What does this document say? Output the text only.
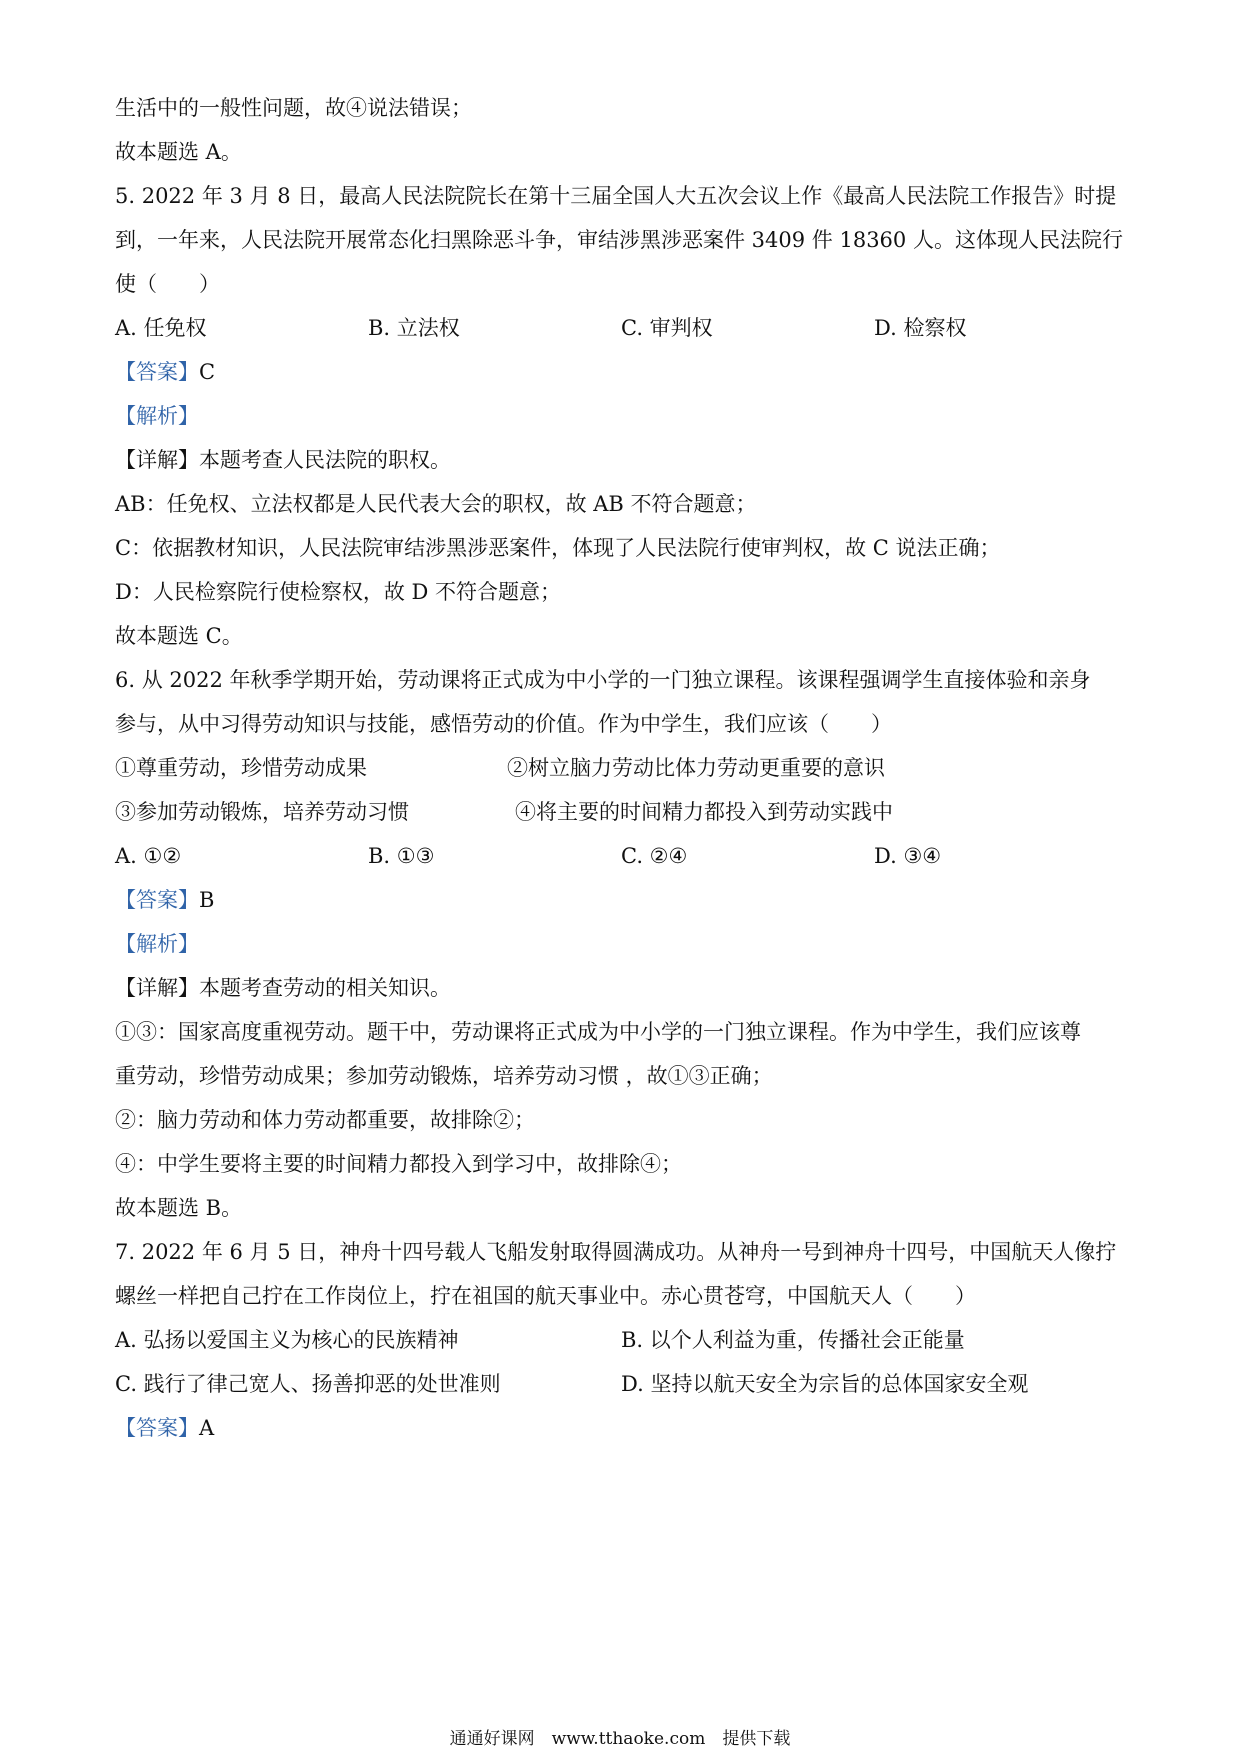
生活中的一般性问题，故④说法错误；
故本题选 A。
5. 2022 年 3 月 8 日，最高人民法院院长在第十三届全国人大五次会议上作《最高人民法院工作报告》时提
到，一年来，人民法院开展常态化扫黑除恶斗争，审结涉黑涉恶案件 3409 件 18360 人。这体现人民法院行
使（　　）
A. 任免权	B. 立法权	C. 审判权	D. 检察权
【答案】C
【解析】
【详解】本题考查人民法院的职权。
AB：任免权、立法权都是人民代表大会的职权，故 AB 不符合题意；
C：依据教材知识，人民法院审结涉黑涉恶案件，体现了人民法院行使审判权，故 C 说法正确；
D：人民检察院行使检察权，故 D 不符合题意；
故本题选 C。
6. 从 2022 年秋季学期开始，劳动课将正式成为中小学的一门独立课程。该课程强调学生直接体验和亲身
参与，从中习得劳动知识与技能，感悟劳动的价值。作为中学生，我们应该（　　）
①尊重劳动，珍惜劳动成果	②树立脑力劳动比体力劳动更重要的意识
③参加劳动锻炼，培养劳动习惯	④将主要的时间精力都投入到劳动实践中
A. ①②	B. ①③	C. ②④	D. ③④
【答案】B
【解析】
【详解】本题考查劳动的相关知识。
①③：国家高度重视劳动。题干中，劳动课将正式成为中小学的一门独立课程。作为中学生，我们应该尊
重劳动，珍惜劳动成果；参加劳动锻炼，培养劳动习惯 ，故①③正确；
②：脑力劳动和体力劳动都重要，故排除②；
④：中学生要将主要的时间精力都投入到学习中，故排除④；
故本题选 B。
7. 2022 年 6 月 5 日，神舟十四号载人飞船发射取得圆满成功。从神舟一号到神舟十四号，中国航天人像拧
螺丝一样把自己拧在工作岗位上，拧在祖国的航天事业中。赤心贯苍穹，中国航天人（　　）
A. 弘扬以爱国主义为核心的民族精神	B. 以个人利益为重，传播社会正能量
C. 践行了律己宽人、扬善抑恶的处世准则	D. 坚持以航天安全为宗旨的总体国家安全观
【答案】A
通通好课网　www.tthaoke.com　提供下载
